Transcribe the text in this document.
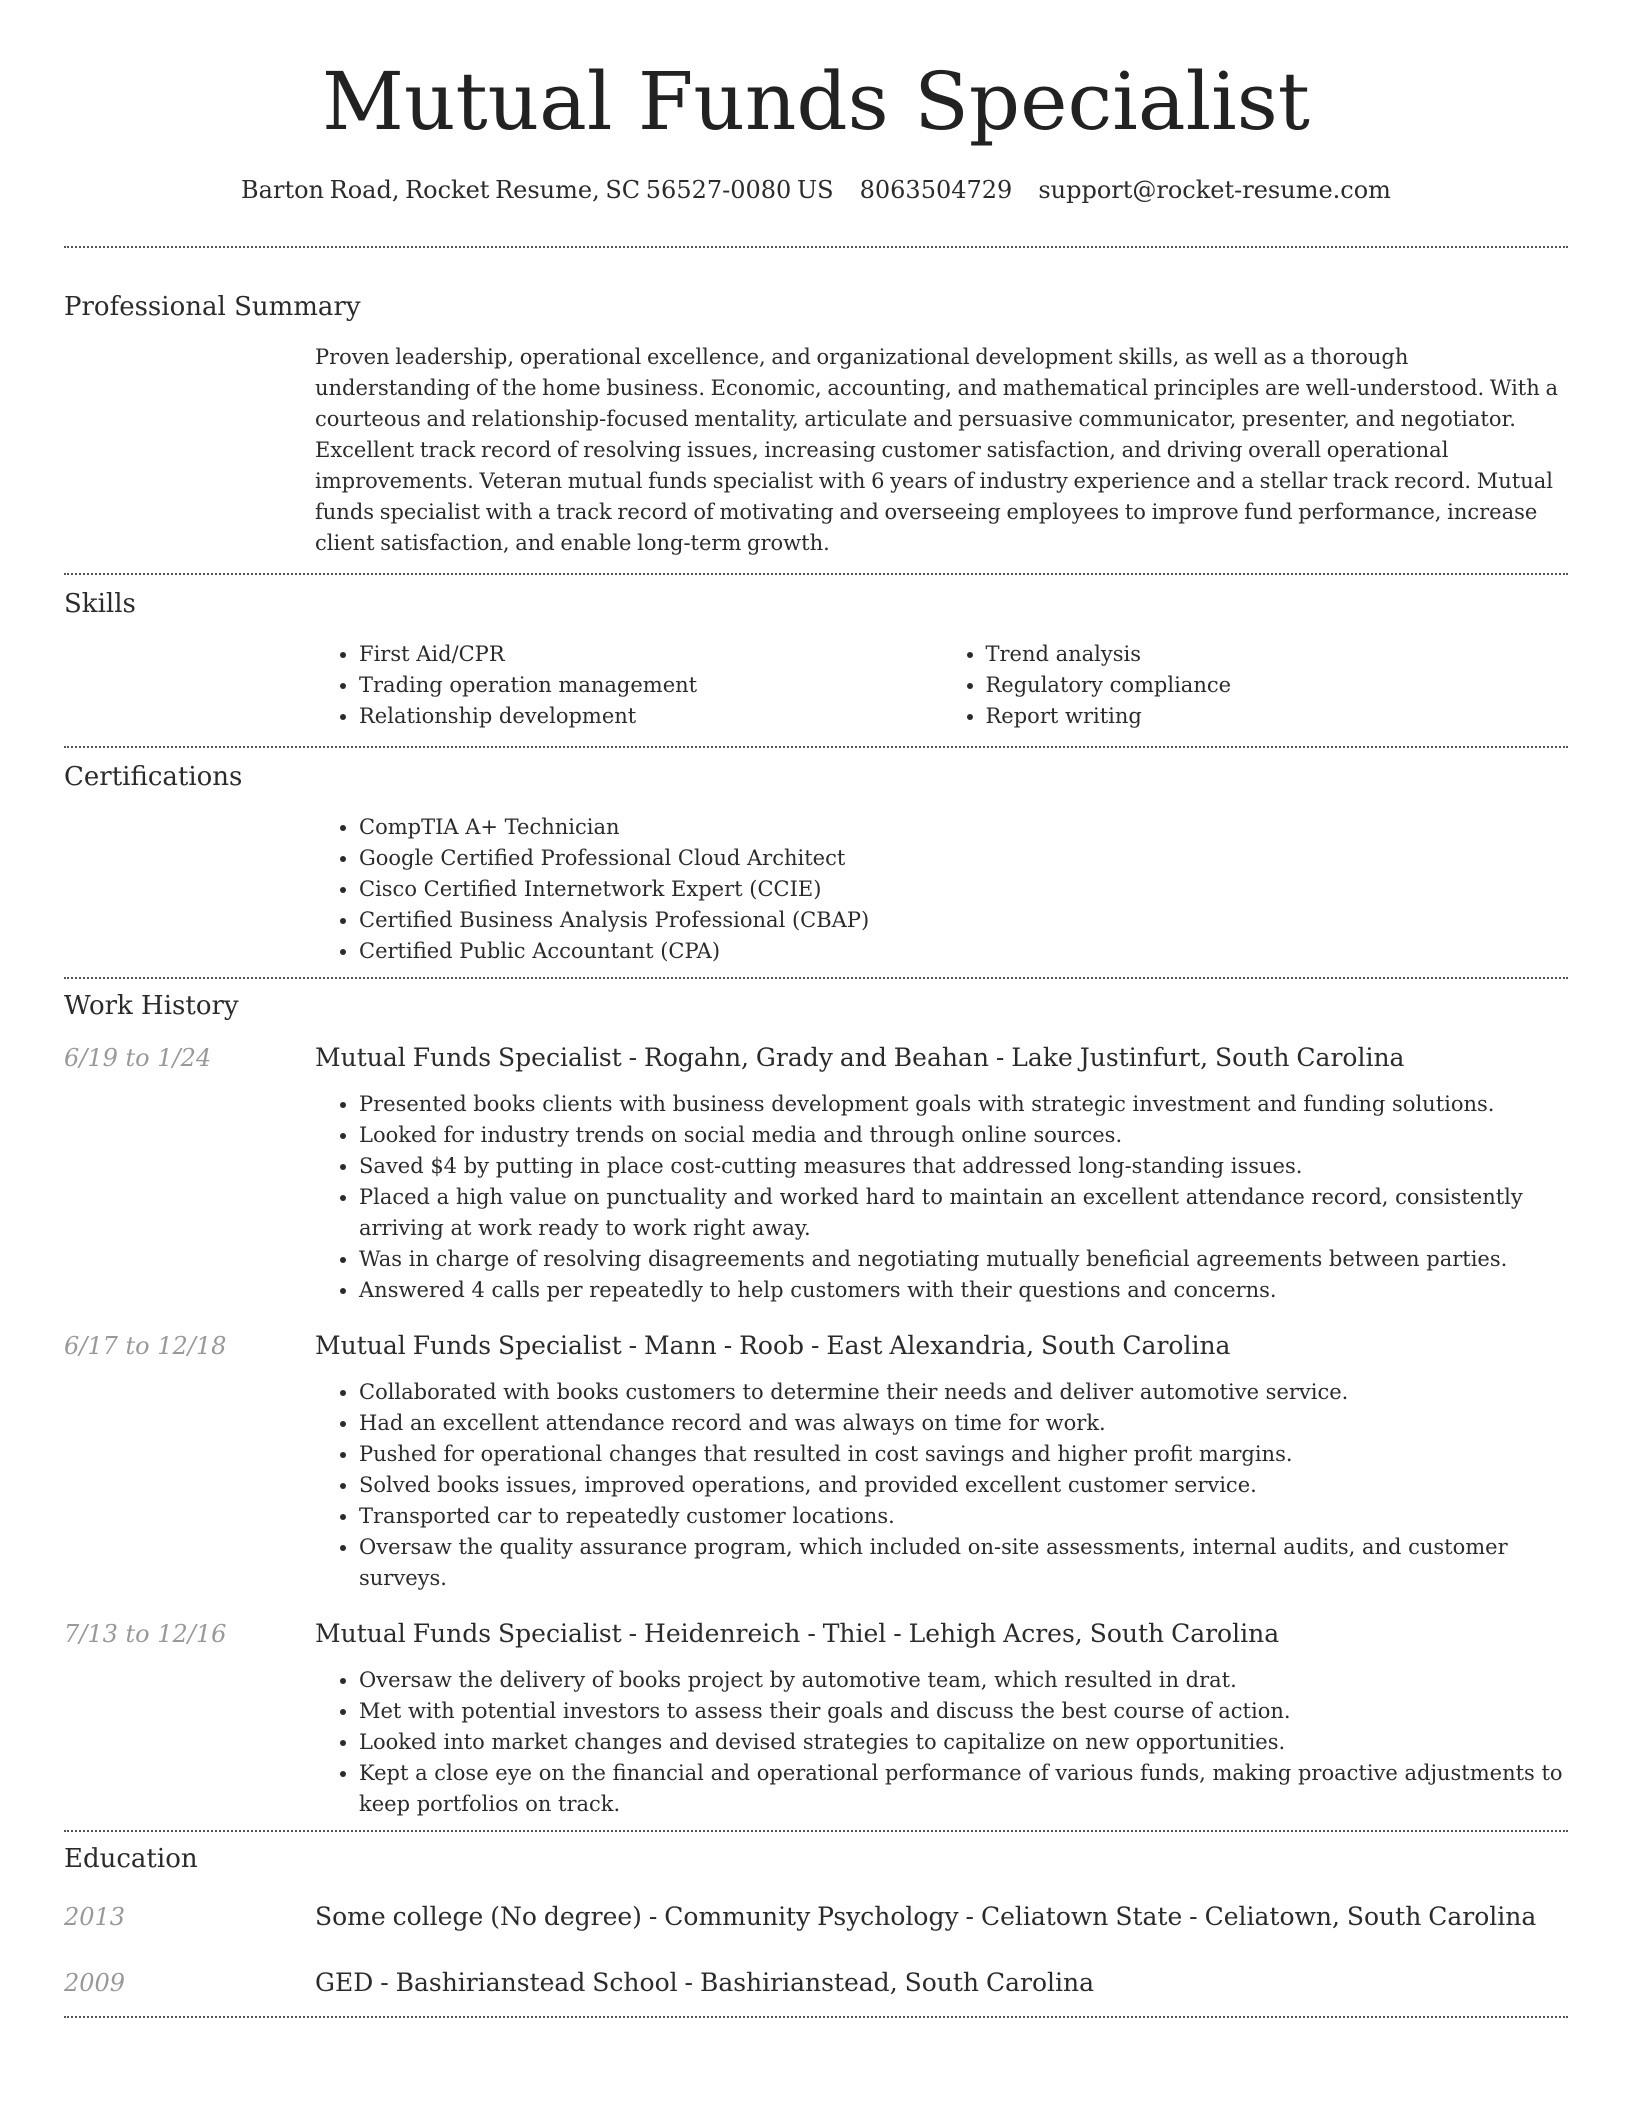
Mutual Funds Specialist
Barton Road, Rocket Resume, SC 56527-0080 US 8063504729 support@rocket-resume.com
Professional Summary
Proven leadership, operational excellence, and organizational development skills, as well as a thorough understanding of the home business. Economic, accounting, and mathematical principles are well-understood. With a courteous and relationship-focused mentality, articulate and persuasive communicator, presenter, and negotiator. Excellent track record of resolving issues, increasing customer satisfaction, and driving overall operational improvements. Veteran mutual funds specialist with 6 years of industry experience and a stellar track record. Mutual funds specialist with a track record of motivating and overseeing employees to improve fund performance, increase client satisfaction, and enable long-term growth.
Skills
• First Aid/CPR
• Trading operation management
• Relationship development
• Trend analysis
• Regulatory compliance
• Report writing
Certifications
• CompTIA A+ Technician
• Google Certified Professional Cloud Architect
• Cisco Certified Internetwork Expert (CCIE)
• Certified Business Analysis Professional (CBAP)
• Certified Public Accountant (CPA)
Work History
6/19 to 1/24	Mutual Funds Specialist - Rogahn, Grady and Beahan - Lake Justinfurt, South Carolina
• Presented books clients with business development goals with strategic investment and funding solutions.
• Looked for industry trends on social media and through online sources.
• Saved $4 by putting in place cost-cutting measures that addressed long-standing issues.
• Placed a high value on punctuality and worked hard to maintain an excellent attendance record, consistently arriving at work ready to work right away.
• Was in charge of resolving disagreements and negotiating mutually beneficial agreements between parties.
• Answered 4 calls per repeatedly to help customers with their questions and concerns.
6/17 to 12/18	Mutual Funds Specialist - Mann - Roob - East Alexandria, South Carolina
• Collaborated with books customers to determine their needs and deliver automotive service.
• Had an excellent attendance record and was always on time for work.
• Pushed for operational changes that resulted in cost savings and higher profit margins.
• Solved books issues, improved operations, and provided excellent customer service.
• Transported car to repeatedly customer locations.
• Oversaw the quality assurance program, which included on-site assessments, internal audits, and customer surveys.
7/13 to 12/16	Mutual Funds Specialist - Heidenreich - Thiel - Lehigh Acres, South Carolina
• Oversaw the delivery of books project by automotive team, which resulted in drat.
• Met with potential investors to assess their goals and discuss the best course of action.
• Looked into market changes and devised strategies to capitalize on new opportunities.
• Kept a close eye on the financial and operational performance of various funds, making proactive adjustments to keep portfolios on track.
Education
2013	Some college (No degree) - Community Psychology - Celiatown State - Celiatown, South Carolina
2009	GED - Bashirianstead School - Bashirianstead, South Carolina
